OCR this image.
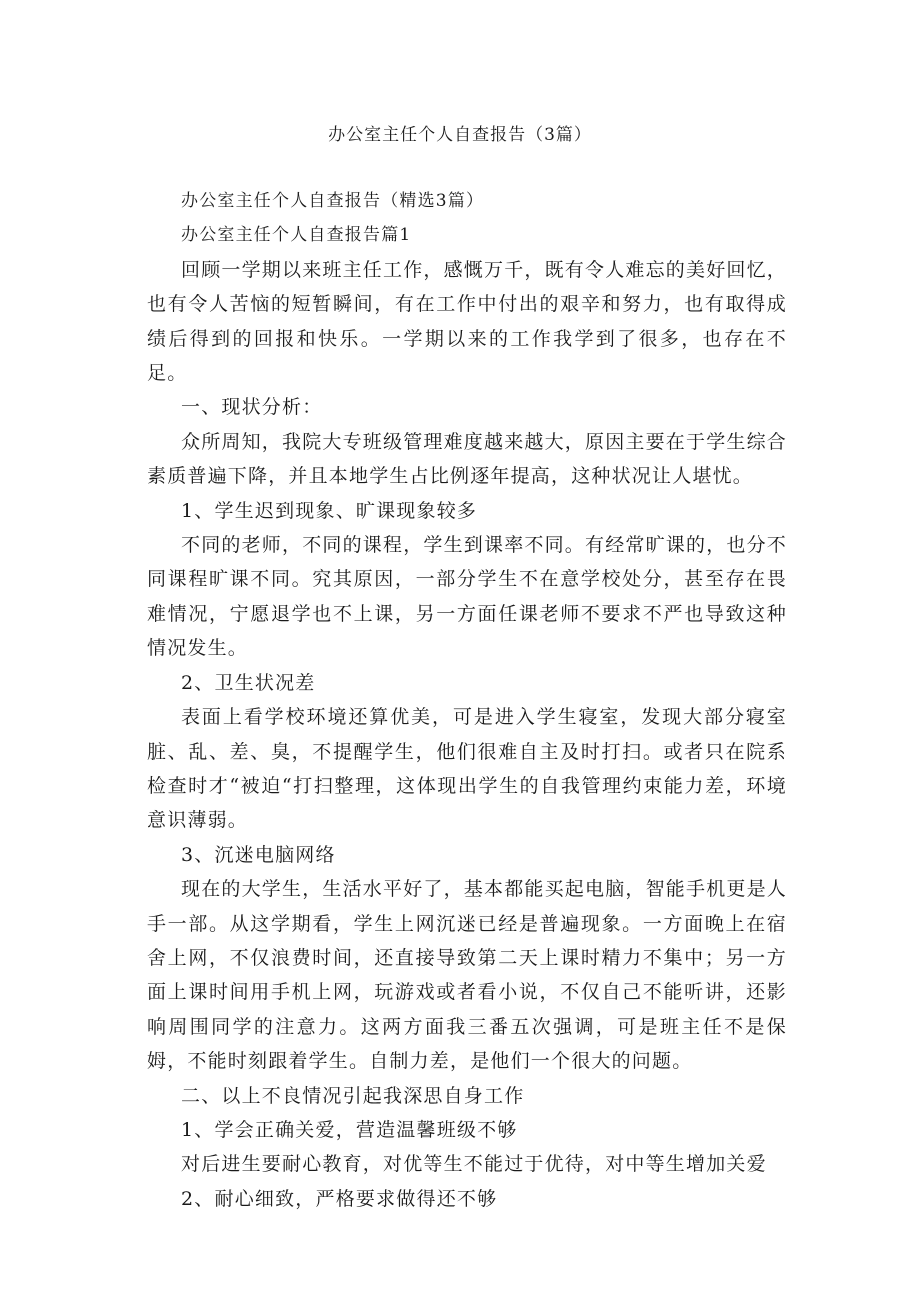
办公室主任个人自查报告（3篇）

办公室主任个人自查报告（精选3篇）

办公室主任个人自查报告篇1

回顾一学期以来班主任工作，感慨万千，既有令人难忘的美好回忆，也有令人苦恼的短暂瞬间，有在工作中付出的艰辛和努力，也有取得成绩后得到的回报和快乐。一学期以来的工作我学到了很多，也存在不足。

一、现状分析：

众所周知，我院大专班级管理难度越来越大，原因主要在于学生综合素质普遍下降，并且本地学生占比例逐年提高，这种状况让人堪忧。

1、学生迟到现象、旷课现象较多

不同的老师，不同的课程，学生到课率不同。有经常旷课的，也分不同课程旷课不同。究其原因，一部分学生不在意学校处分，甚至存在畏难情况，宁愿退学也不上课，另一方面任课老师不要求不严也导致这种情况发生。

2、卫生状况差

表面上看学校环境还算优美，可是进入学生寝室，发现大部分寝室脏、乱、差、臭，不提醒学生，他们很难自主及时打扫。或者只在院系检查时才“被迫“打扫整理，这体现出学生的自我管理约束能力差，环境意识薄弱。

3、沉迷电脑网络

现在的大学生，生活水平好了，基本都能买起电脑，智能手机更是人手一部。从这学期看，学生上网沉迷已经是普遍现象。一方面晚上在宿舍上网，不仅浪费时间，还直接导致第二天上课时精力不集中；另一方面上课时间用手机上网，玩游戏或者看小说，不仅自己不能听讲，还影响周围同学的注意力。这两方面我三番五次强调，可是班主任不是保姆，不能时刻跟着学生。自制力差，是他们一个很大的问题。

二、以上不良情况引起我深思自身工作

1、学会正确关爱，营造温馨班级不够

对后进生要耐心教育，对优等生不能过于优待，对中等生增加关爱

2、耐心细致，严格要求做得还不够
